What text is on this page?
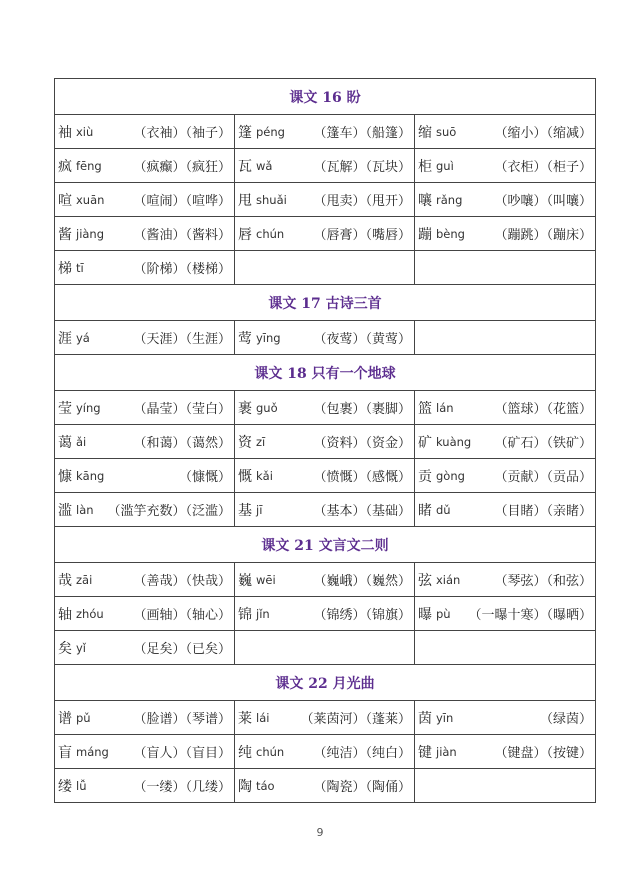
课文 16 盼		

袖 xiù （衣袖）（袖子）	篷 péng （篷车）（船篷）	缩 suō （缩小）（缩减）

疯 fēng （疯癫）（疯狂）	瓦 wǎ （瓦解）（瓦块）	柜 guì （衣柜）（柜子）

喧 xuān （喧闹）（喧哗）	甩 shuǎi （甩卖）（甩开）	嚷 rǎng （吵嚷）（叫嚷）

酱 jiàng （酱油）（酱料）	唇 chún （唇膏）（嘴唇）	蹦 bèng （蹦跳）（蹦床）

梯 tī （阶梯）（楼梯）		

课文 17 古诗三首		

涯 yá （天涯）（生涯）	莺 yīng （夜莺）（黄莺）	

课文 18 只有一个地球		

莹 yíng （晶莹）（莹白）	裹 guǒ （包裹）（裹脚）	篮 lán （篮球）（花篮）

蔼 ǎi （和蔼）（蔼然）	资 zī （资料）（资金）	矿 kuàng （矿石）（铁矿）

慷 kāng （慷慨）	慨 kǎi （愤慨）（感慨）	贡 gòng （贡献）（贡品）

滥 làn （滥竽充数）（泛滥）	基 jī （基本）（基础）	睹 dǔ （目睹）（亲睹）

课文 21 文言文二则		

哉 zāi （善哉）（快哉）	巍 wēi （巍峨）（巍然）	弦 xián （琴弦）（和弦）

轴 zhóu （画轴）（轴心）	锦 jǐn （锦绣）（锦旗）	曝 pù （一曝十寒）（曝晒）

矣 yǐ （足矣）（已矣）		

课文 22 月光曲		

谱 pǔ （脸谱）（琴谱）	莱 lái （莱茵河）（蓬莱）	茵 yīn （绿茵）

盲 máng （盲人）（盲目）	纯 chún （纯洁）（纯白）	键 jiàn （键盘）（按键）

缕 lǚ （一缕）（几缕）	陶 táo （陶瓷）（陶俑）	

9
